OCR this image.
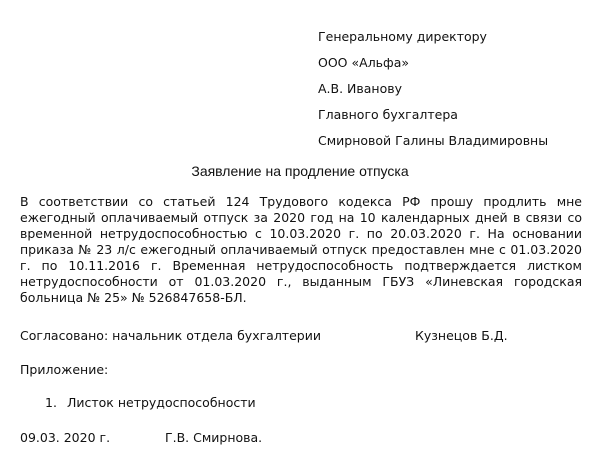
Генеральному директору
ООО «Альфа»
А.В. Иванову
Главного бухгалтера
Смирновой Галины Владимировны
Заявление на продление отпуска
В соответствии со статьей 124 Трудового кодекса РФ прошу продлить мне ежегодный оплачиваемый отпуск за 2020 год на 10 календарных дней в связи со временной нетрудоспособностью с 10.03.2020 г. по 20.03.2020 г. На основании приказа № 23 л/с ежегодный оплачиваемый отпуск предоставлен мне с 01.03.2020 г. по 10.11.2016 г. Временная нетрудоспособность подтверждается листком нетрудоспособности от 01.03.2020 г., выданным ГБУЗ «Линевская городская больница № 25» № 526847658-БЛ.
Согласовано: начальник отдела бухгалтерии	Кузнецов Б.Д.
Приложение:
1. Листок нетрудоспособности
09.03. 2020 г.	Г.В. Смирнова.
